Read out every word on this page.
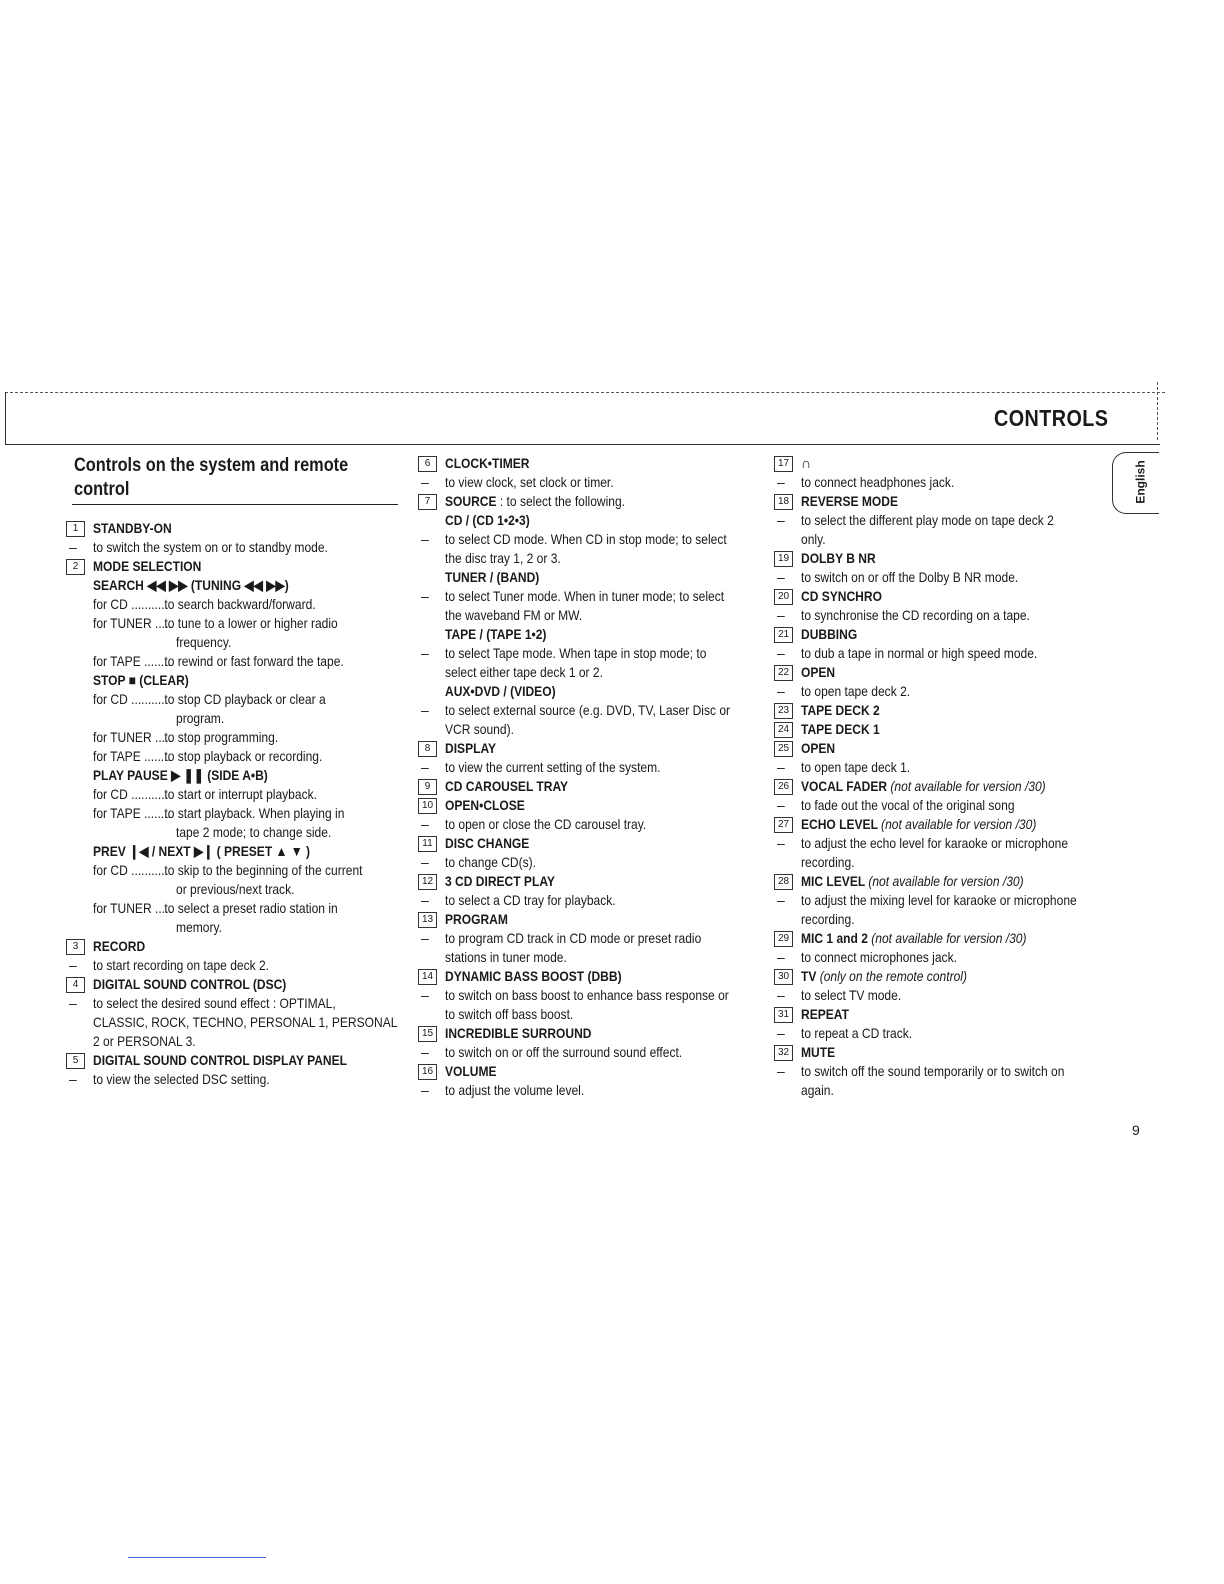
CONTROLS
English
Controls on the system and remote
control
1	STANDBY-ON
– to switch the system on or to standby mode.
2	MODE SELECTION
SEARCH ◀◀ ▶▶ (TUNING ◀◀ ▶▶)
for CD ...........to search backward/forward.
for TUNER .....to tune to a lower or higher radio
frequency.
for TAPE ........to rewind or fast forward the tape.
STOP ■ (CLEAR)
for CD ...........to stop CD playback or clear a
program.
for TUNER .....to stop programming.
for TAPE ........to stop playback or recording.
PLAY PAUSE ▶ ❚❚ (SIDE A•B)
for CD ...........to start or interrupt playback.
for TAPE ........to start playback. When playing in
tape 2 mode; to change side.
PREV ❙◀ / NEXT ▶❙ ( PRESET ▲ ▼ )
for CD ...........to skip to the beginning of the current
or previous/next track.
for TUNER .....to select a preset radio station in
memory.
3	RECORD
– to start recording on tape deck 2.
4	DIGITAL SOUND CONTROL (DSC)
– to select the desired sound effect : OPTIMAL,
CLASSIC, ROCK, TECHNO, PERSONAL 1, PERSONAL
2 or PERSONAL 3.
5	DIGITAL SOUND CONTROL DISPLAY PANEL
– to view the selected DSC setting.
6	CLOCK•TIMER
– to view clock, set clock or timer.
7	SOURCE : to select the following.
CD / (CD 1•2•3)
– to select CD mode. When CD in stop mode; to select
the disc tray 1, 2 or 3.
TUNER / (BAND)
– to select Tuner mode. When in tuner mode; to select
the waveband FM or MW.
TAPE / (TAPE 1•2)
– to select Tape mode. When tape in stop mode; to
select either tape deck 1 or 2.
AUX•DVD / (VIDEO)
– to select external source (e.g. DVD, TV, Laser Disc or
VCR sound).
8	DISPLAY
– to view the current setting of the system.
9	CD CAROUSEL TRAY
10 OPEN•CLOSE
– to open or close the CD carousel tray.
11 DISC CHANGE
– to change CD(s).
12 3 CD DIRECT PLAY
– to select a CD tray for playback.
13 PROGRAM
– to program CD track in CD mode or preset radio
stations in tuner mode.
14 DYNAMIC BASS BOOST (DBB)
– to switch on bass boost to enhance bass response or
to switch off bass boost.
15 INCREDIBLE SURROUND
– to switch on or off the surround sound effect.
16 VOLUME
– to adjust the volume level.
17 ∩
– to connect headphones jack.
18 REVERSE MODE
– to select the different play mode on tape deck 2
only.
19 DOLBY B NR
– to switch on or off the Dolby B NR mode.
20 CD SYNCHRO
– to synchronise the CD recording on a tape.
21 DUBBING
– to dub a tape in normal or high speed mode.
22 OPEN
– to open tape deck 2.
23 TAPE DECK 2
24 TAPE DECK 1
25 OPEN
– to open tape deck 1.
26 VOCAL FADER (not available for version /30)
– to fade out the vocal of the original song
27 ECHO LEVEL (not available for version /30)
– to adjust the echo level for karaoke or microphone
recording.
28 MIC LEVEL (not available for version /30)
– to adjust the mixing level for karaoke or microphone
recording.
29 MIC 1 and 2 (not available for version /30)
– to connect microphones jack.
30 TV (only on the remote control)
– to select TV mode.
31 REPEAT
– to repeat a CD track.
32 MUTE
– to switch off the sound temporarily or to switch on
again.
9
